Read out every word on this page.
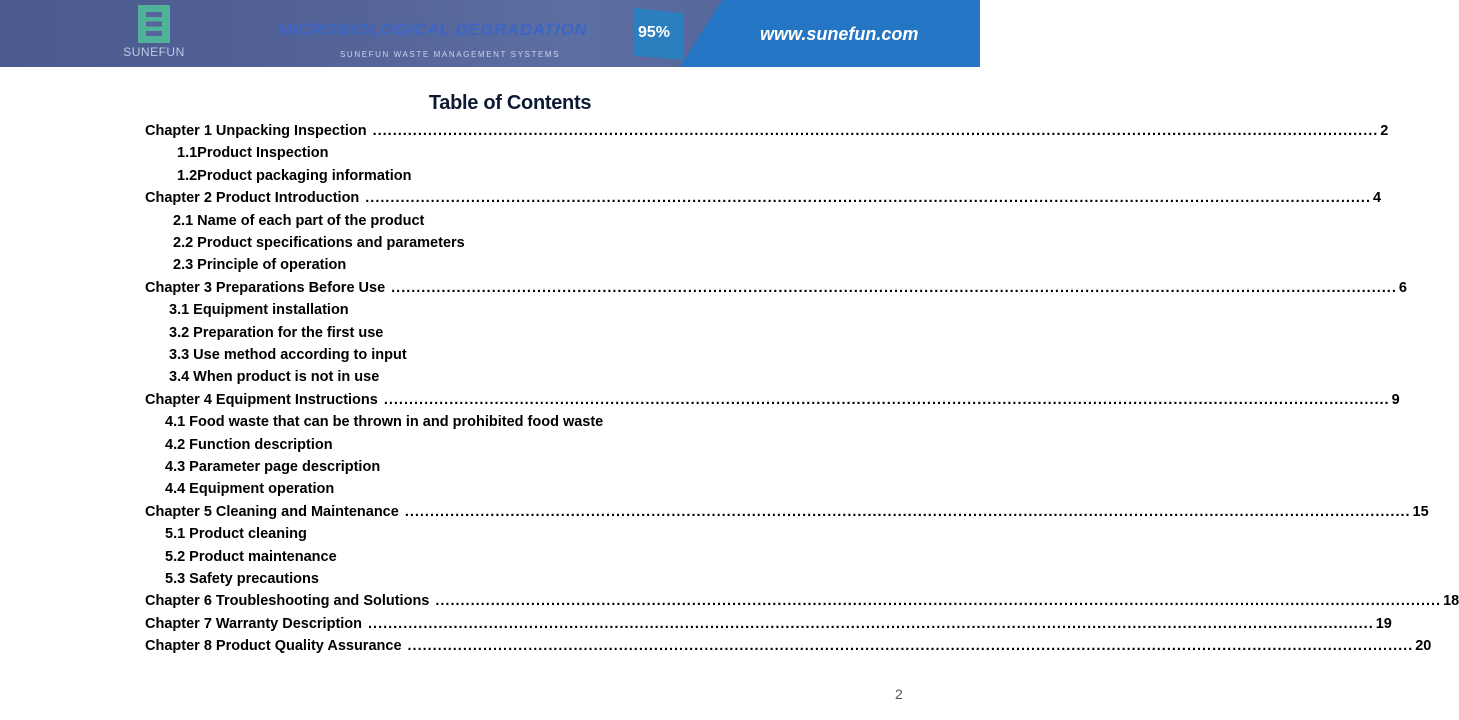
SUNEFUN
MICROBIOLOGICAL DEGRADATION
SUNEFUN WASTE MANAGEMENT SYSTEMS
95%	www.sunefun.com
Table of Contents
Chapter 1 Unpacking Inspection ........................................................................................................................................................................................................ 2
1.1Product Inspection
1.2Product packaging information
Chapter 2 Product Introduction ........................................................................................................................................................................................................ 4
2.1 Name of each part of the product
2.2 Product specifications and parameters
2.3 Principle of operation
Chapter 3 Preparations Before Use ........................................................................................................................................................................................................ 6
3.1 Equipment installation
3.2 Preparation for the first use
3.3 Use method according to input
3.4 When product is not in use
Chapter 4 Equipment Instructions ........................................................................................................................................................................................................ 9
4.1 Food waste that can be thrown in and prohibited food waste
4.2 Function description
4.3 Parameter page description
4.4 Equipment operation
Chapter 5 Cleaning and Maintenance ........................................................................................................................................................................................................ 15
5.1 Product cleaning
5.2 Product maintenance
5.3 Safety precautions
Chapter 6 Troubleshooting and Solutions ........................................................................................................................................................................................................ 18
Chapter 7 Warranty Description ........................................................................................................................................................................................................ 19
Chapter 8 Product Quality Assurance ........................................................................................................................................................................................................ 20
2
